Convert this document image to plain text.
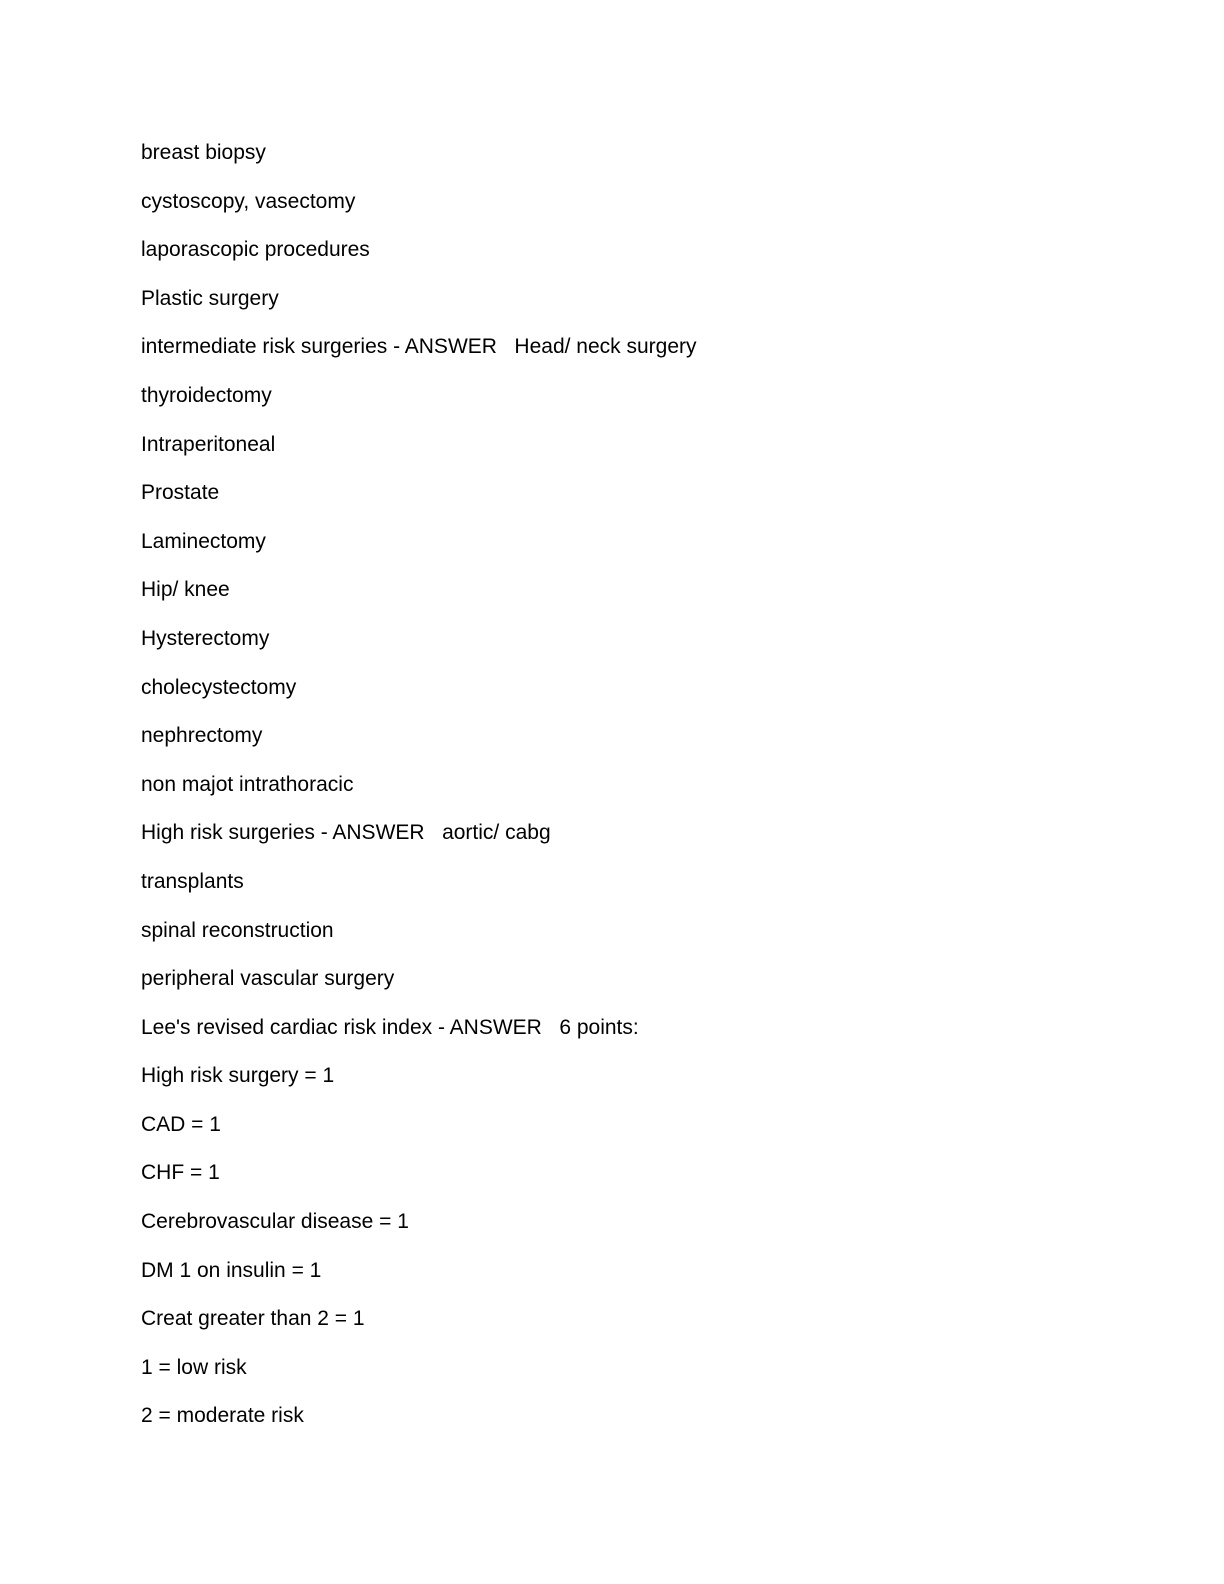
breast biopsy
cystoscopy, vasectomy
laporascopic procedures
Plastic surgery
intermediate risk surgeries - ANSWER   Head/ neck surgery
thyroidectomy
Intraperitoneal
Prostate
Laminectomy
Hip/ knee
Hysterectomy
cholecystectomy
nephrectomy
non majot intrathoracic
High risk surgeries - ANSWER   aortic/ cabg
transplants
spinal reconstruction
peripheral vascular surgery
Lee's revised cardiac risk index - ANSWER   6 points:
High risk surgery = 1
CAD = 1
CHF = 1
Cerebrovascular disease = 1
DM 1 on insulin = 1
Creat greater than 2 = 1
1 = low risk
2 = moderate risk
